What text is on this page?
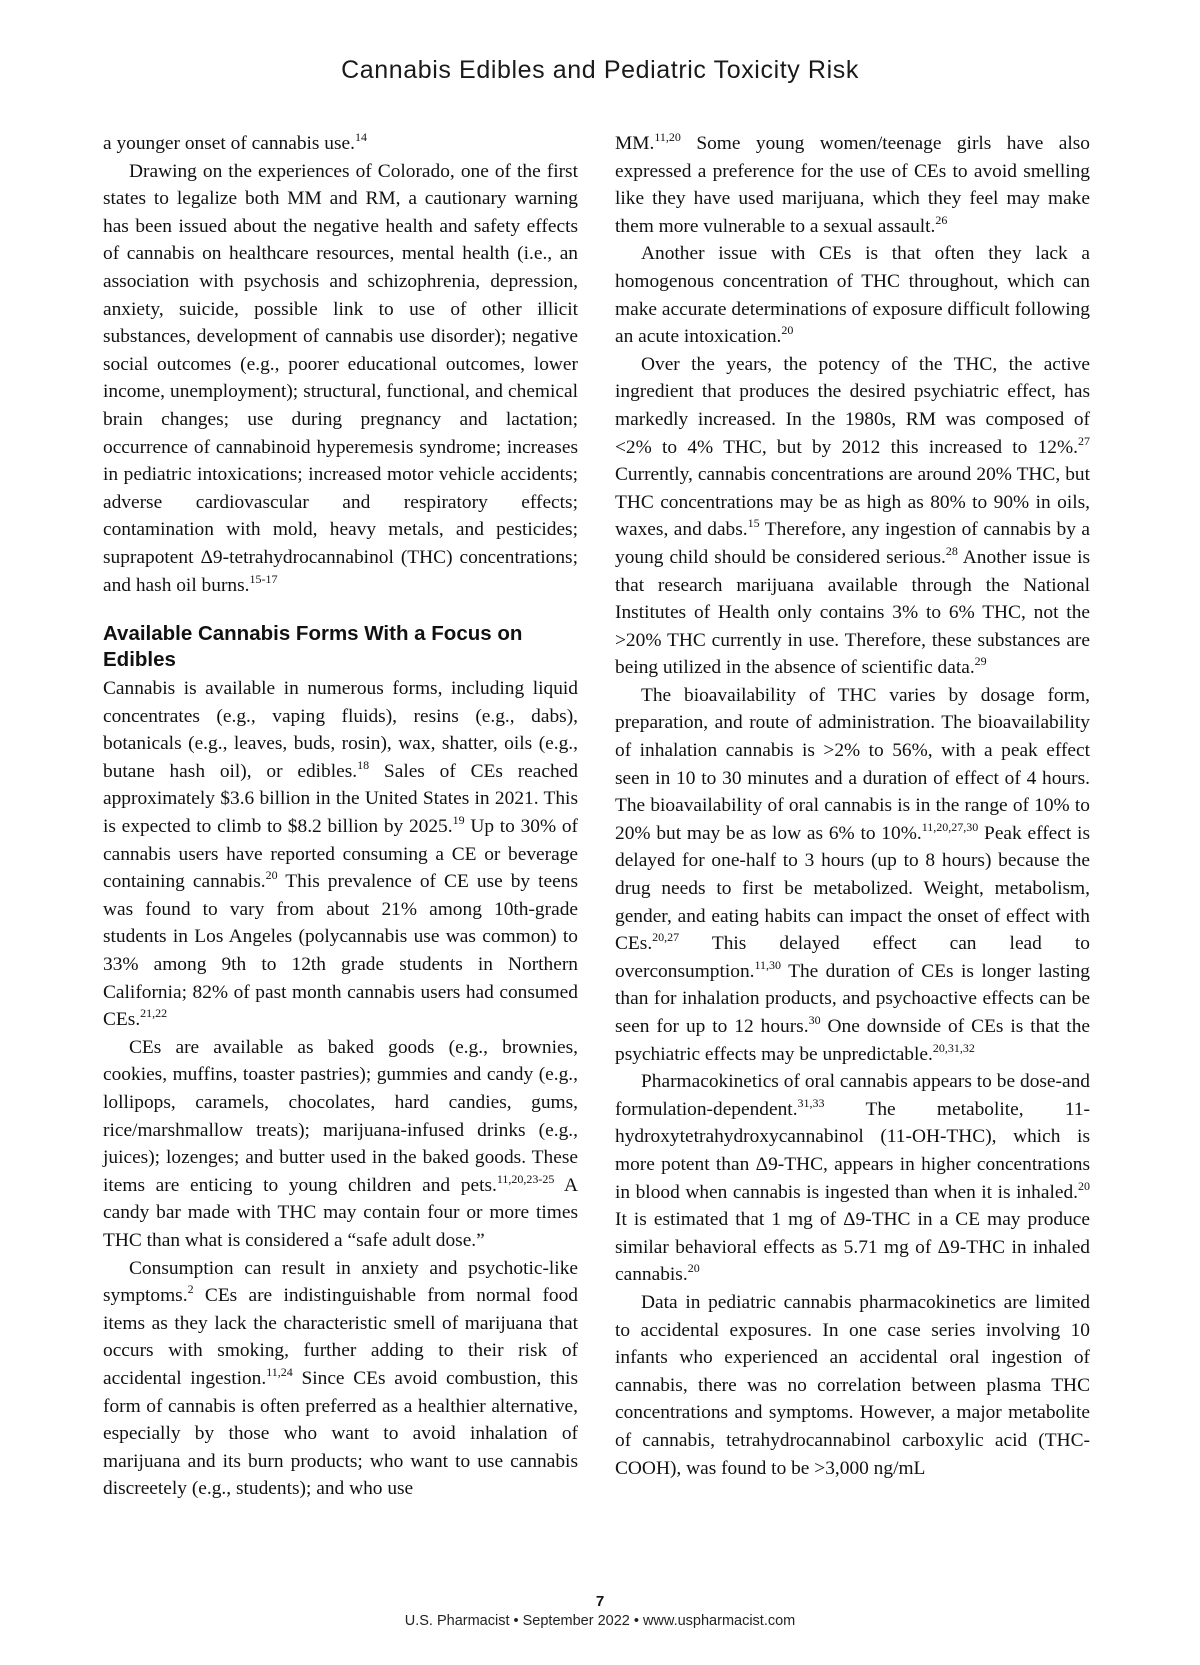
Cannabis Edibles and Pediatric Toxicity Risk

a younger onset of cannabis use.$^{14}$

Drawing on the experiences of Colorado, one of the first states to legalize both MM and RM, a cautionary warning has been issued about the negative health and safety effects of cannabis on healthcare resources, mental health (i.e., an association with psychosis and schizophrenia, depression, anxiety, suicide, possible link to use of other illicit substances, development of cannabis use disorder); negative social outcomes (e.g., poorer educational outcomes, lower income, unemployment); structural, functional, and chemical brain changes; use during pregnancy and lactation; occurrence of cannabinoid hyperemesis syndrome; increases in pediatric intoxications; increased motor vehicle accidents; adverse cardiovascular and respiratory effects; contamination with mold, heavy metals, and pesticides; suprapotent Δ9-tetrahydrocannabinol (THC) concentrations; and hash oil burns.$^{15-17}$

Available Cannabis Forms With a Focus on Edibles

Cannabis is available in numerous forms, including liquid concentrates (e.g., vaping fluids), resins (e.g., dabs), botanicals (e.g., leaves, buds, rosin), wax, shatter, oils (e.g., butane hash oil), or edibles.$^{18}$ Sales of CEs reached approximately $3.6 billion in the United States in 2021. This is expected to climb to $8.2 billion by 2025.19 Up to 30% of cannabis users have reported consuming a CE or beverage containing cannabis.$^{20}$ This prevalence of CE use by teens was found to vary from about 21% among 10th-grade students in Los Angeles (polycannabis use was common) to 33% among 9th to 12th grade students in Northern California; 82% of past month cannabis users had consumed CEs.$^{21,22}$

CEs are available as baked goods (e.g., brownies, cookies, muffins, toaster pastries); gummies and candy (e.g., lollipops, caramels, chocolates, hard candies, gums, rice/marshmallow treats); marijuana-infused drinks (e.g., juices); lozenges; and butter used in the baked goods. These items are enticing to young children and pets.$^{11,20,23-25}$ A candy bar made with THC may contain four or more times THC than what is considered a “safe adult dose.”

Consumption can result in anxiety and psychotic-like symptoms.$^2$ CEs are indistinguishable from normal food items as they lack the characteristic smell of marijuana that occurs with smoking, further adding to their risk of accidental ingestion.$^{11,24}$ Since CEs avoid combustion, this form of cannabis is often preferred as a healthier alternative, especially by those who want to avoid inhalation of marijuana and its burn products; who want to use cannabis discreetely (e.g., students); and who use

MM.$^{11,20}$ Some young women/teenage girls have also expressed a preference for the use of CEs to avoid smelling like they have used marijuana, which they feel may make them more vulnerable to a sexual assault.$^{26}$

Another issue with CEs is that often they lack a homogenous concentration of THC throughout, which can make accurate determinations of exposure difficult following an acute intoxication.$^{20}$

Over the years, the potency of the THC, the active ingredient that produces the desired psychiatric effect, has markedly increased. In the 1980s, RM was composed of <2% to 4% THC, but by 2012 this increased to 12%.$^{27}$ Currently, cannabis concentrations are around 20% THC, but THC concentrations may be as high as 80% to 90% in oils, waxes, and dabs.$^{15}$ Therefore, any ingestion of cannabis by a young child should be considered serious.$^{28}$ Another issue is that research marijuana available through the National Institutes of Health only contains 3% to 6% THC, not the >20% THC currently in use. Therefore, these substances are being utilized in the absence of scientific data.$^{29}$

The bioavailability of THC varies by dosage form, preparation, and route of administration. The bioavailability of inhalation cannabis is >2% to 56%, with a peak effect seen in 10 to 30 minutes and a duration of effect of 4 hours. The bioavailability of oral cannabis is in the range of 10% to 20% but may be as low as 6% to 10%.$^{11,20,27,30}$ Peak effect is delayed for one-half to 3 hours (up to 8 hours) because the drug needs to first be metabolized. Weight, metabolism, gender, and eating habits can impact the onset of effect with CEs.$^{20,27}$ This delayed effect can lead to overconsumption.$^{11,30}$ The duration of CEs is longer lasting than for inhalation products, and psychoactive effects can be seen for up to 12 hours.$^{30}$ One downside of CEs is that the psychiatric effects may be unpredictable.$^{20,31,32}$

Pharmacokinetics of oral cannabis appears to be dose-and formulation-dependent.$^{31,33}$ The metabolite, 11-hydroxytetrahydroxycannabinol (11-OH-THC), which is more potent than Δ9-THC, appears in higher concentrations in blood when cannabis is ingested than when it is inhaled.$^{20}$ It is estimated that 1 mg of Δ9-THC in a CE may produce similar behavioral effects as 5.71 mg of Δ9-THC in inhaled cannabis.$^{20}$

Data in pediatric cannabis pharmacokinetics are limited to accidental exposures. In one case series involving 10 infants who experienced an accidental oral ingestion of cannabis, there was no correlation between plasma THC concentrations and symptoms. However, a major metabolite of cannabis, tetrahydrocannabinol carboxylic acid (THC-COOH), was found to be >3,000 ng/mL

7
U.S. Pharmacist • September 2022 • www.uspharmacist.com
